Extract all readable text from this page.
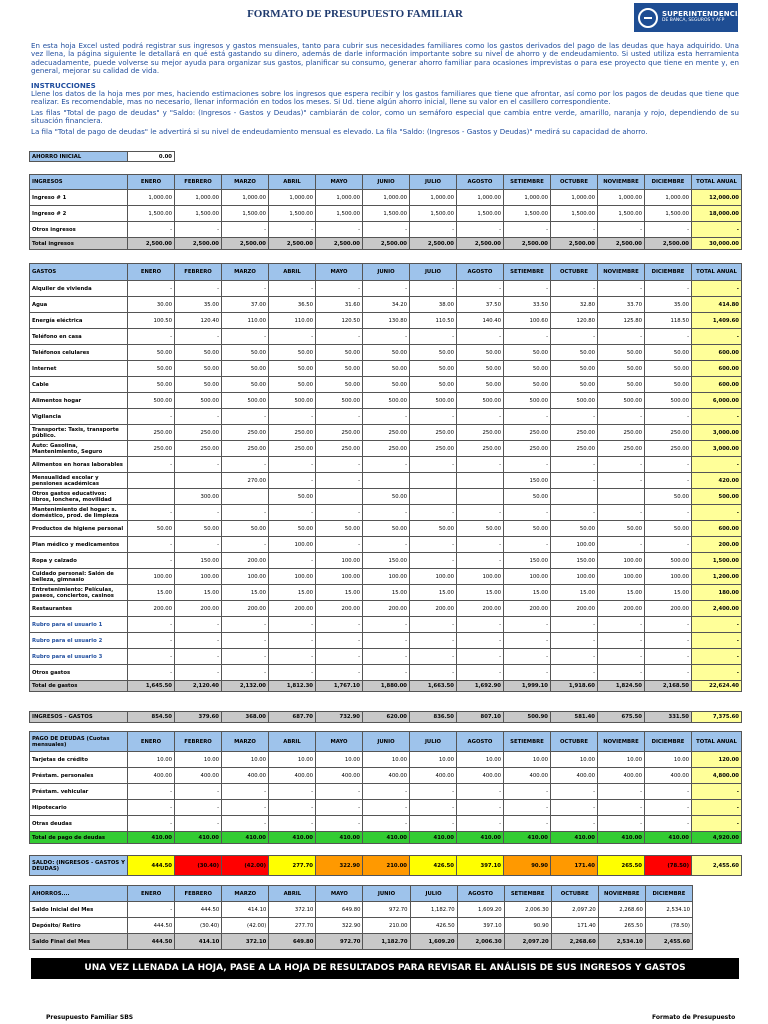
FORMATO DE PRESUPUESTO FAMILIAR	SUPERINTENDENCIA
DE BANCA, SEGUROS Y AFP

En esta hoja Excel usted podrá registrar sus ingresos y gastos mensuales, tanto para cubrir sus necesidades familiares como los gastos derivados del pago de las deudas que haya adquirido. Una vez llena, la página siguiente le detallará en qué está gastando su dinero, además de darle información importante sobre su nivel de ahorro y de endeudamiento. Si usted utiliza esta herramienta adecuadamente, puede volverse su mejor ayuda para organizar sus gastos, planificar su consumo, generar ahorro familiar para ocasiones imprevistas o para ese proyecto que tiene en mente y, en general, mejorar su calidad de vida.

INSTRUCCIONES

Llene los datos de la hoja mes por mes, haciendo estimaciones sobre los ingresos que espera recibir y los gastos familiares que tiene que afrontar, así como por los pagos de deudas que tiene que realizar. Es recomendable, mas no necesario, llenar información en todos los meses. Si Ud. tiene algún ahorro inicial, llene su valor en el casillero correspondiente.

Las filas "Total de pago de deudas" y "Saldo: (Ingresos - Gastos y Deudas)" cambiarán de color, como un semáforo especial que cambia entre verde, amarillo, naranja y rojo, dependiendo de su situación financiera.

La fila "Total de pago de deudas" le advertirá si su nivel de endeudamiento mensual es elevado. La fila "Saldo: (Ingresos - Gastos y Deudas)" medirá su capacidad de ahorro.

AHORRO INICIAL	0.00
INGRESOS	ENERO	FEBRERO	MARZO	ABRIL	MAYO	JUNIO	JULIO	AGOSTO	SETIEMBRE	OCTUBRE	NOVIEMBRE	DICIEMBRE	TOTAL ANUAL
Ingreso # 1	1,000.00	1,000.00	1,000.00	1,000.00	1,000.00	1,000.00	1,000.00	1,000.00	1,000.00	1,000.00	1,000.00	1,000.00	12,000.00
Ingreso # 2	1,500.00	1,500.00	1,500.00	1,500.00	1,500.00	1,500.00	1,500.00	1,500.00	1,500.00	1,500.00	1,500.00	1,500.00	18,000.00
Otros ingresos	-	-	-	-	-	-	-	-	-	-	-	-	-
Total ingresos	2,500.00	2,500.00	2,500.00	2,500.00	2,500.00	2,500.00	2,500.00	2,500.00	2,500.00	2,500.00	2,500.00	2,500.00	30,000.00
GASTOS	ENERO	FEBRERO	MARZO	ABRIL	MAYO	JUNIO	JULIO	AGOSTO	SETIEMBRE	OCTUBRE	NOVIEMBRE	DICIEMBRE	TOTAL ANUAL
Alquiler de vivienda	-	-	-	-	-	-	-	-	-	-	-	-	-
Agua	30.00	35.00	37.00	36.50	31.60	34.20	38.00	37.50	33.50	32.80	33.70	35.00	414.80
Energía eléctrica	100.50	120.40	110.00	110.00	120.50	130.80	110.50	140.40	100.60	120.80	125.80	118.50	1,409.60
Teléfono en casa	-	-	-	-	-	-	-	-	-	-	-	-	-
Teléfonos celulares	50.00	50.00	50.00	50.00	50.00	50.00	50.00	50.00	50.00	50.00	50.00	50.00	600.00
Internet	50.00	50.00	50.00	50.00	50.00	50.00	50.00	50.00	50.00	50.00	50.00	50.00	600.00
Cable	50.00	50.00	50.00	50.00	50.00	50.00	50.00	50.00	50.00	50.00	50.00	50.00	600.00
Alimentos hogar	500.00	500.00	500.00	500.00	500.00	500.00	500.00	500.00	500.00	500.00	500.00	500.00	6,000.00
Vigilancia	-	-	-	-	-	-	-	-	-	-	-	-	-
Transporte: Taxis, transporte público.	250.00	250.00	250.00	250.00	250.00	250.00	250.00	250.00	250.00	250.00	250.00	250.00	3,000.00
Auto: Gasolina, Mantenimiento, Seguro	250.00	250.00	250.00	250.00	250.00	250.00	250.00	250.00	250.00	250.00	250.00	250.00	3,000.00
Alimentos en horas laborables	-	-	-	-	-	-	-	-	-	-	-	-	-
Mensualidad escolar y pensiones académicas			270.00	-	-				150.00	-	-	-	420.00
Otros gastos educativos: libros, lonchera, movilidad		300.00		50.00		50.00			50.00			50.00	500.00
Mantenimiento del hogar: s. doméstico, prod. de limpieza	-	-	-	-	-	-	-	-	-	-	-	-	-
Productos de higiene personal	50.00	50.00	50.00	50.00	50.00	50.00	50.00	50.00	50.00	50.00	50.00	50.00	600.00
Plan médico y medicamentos	-	-	-	100.00	-	-	-	-	-	100.00	-	-	200.00
Ropa y calzado	-	150.00	200.00	-	100.00	150.00	-	-	150.00	150.00	100.00	500.00	1,500.00
Cuidado personal: Salón de belleza, gimnasio	100.00	100.00	100.00	100.00	100.00	100.00	100.00	100.00	100.00	100.00	100.00	100.00	1,200.00
Entretenimiento: Películas, paseos, conciertos, casinos	15.00	15.00	15.00	15.00	15.00	15.00	15.00	15.00	15.00	15.00	15.00	15.00	180.00
Restaurantes	200.00	200.00	200.00	200.00	200.00	200.00	200.00	200.00	200.00	200.00	200.00	200.00	2,400.00
Rubro para el usuario 1	-	-	-	-	-	-	-	-	-	-	-	-	-
Rubro para el usuario 2	-	-	-	-	-	-	-	-	-	-	-	-	-
Rubro para el usuario 3	-	-	-	-	-	-	-	-	-	-	-	-	-
Otros gastos	-	-	-	-	-	-	-	-	-	-	-	-	-
Total de gastos	1,645.50	2,120.40	2,132.00	1,812.30	1,767.10	1,880.00	1,663.50	1,692.90	1,999.10	1,918.60	1,824.50	2,168.50	22,624.40
INGRESOS - GASTOS	854.50	379.60	368.00	687.70	732.90	620.00	836.50	807.10	500.90	581.40	675.50	331.50	7,375.60
PAGO DE DEUDAS (Cuotas mensuales)	ENERO	FEBRERO	MARZO	ABRIL	MAYO	JUNIO	JULIO	AGOSTO	SETIEMBRE	OCTUBRE	NOVIEMBRE	DICIEMBRE	TOTAL ANUAL
Tarjetas de crédito	10.00	10.00	10.00	10.00	10.00	10.00	10.00	10.00	10.00	10.00	10.00	10.00	120.00
Préstam. personales	400.00	400.00	400.00	400.00	400.00	400.00	400.00	400.00	400.00	400.00	400.00	400.00	4,800.00
Préstam. vehicular	-	-	-	-	-	-	-	-	-	-	-	-	-
Hipotecario	-	-	-	-	-	-	-	-	-	-	-	-	-
Otras deudas	-	-	-	-	-	-	-	-	-	-	-	-	-
Total de pago de deudas	410.00	410.00	410.00	410.00	410.00	410.00	410.00	410.00	410.00	410.00	410.00	410.00	4,920.00
SALDO: (INGRESOS - GASTOS Y DEUDAS)	444.50	(30.40)	(42.00)	277.70	322.90	210.00	426.50	397.10	90.90	171.40	265.50	(78.50)	2,455.60
AHORROS....	ENERO	FEBRERO	MARZO	ABRIL	MAYO	JUNIO	JULIO	AGOSTO	SETIEMBRE	OCTUBRE	NOVIEMBRE	DICIEMBRE
Saldo Inicial del Mes	-	444.50	414.10	372.10	649.80	972.70	1,182.70	1,609.20	2,006.30	2,097.20	2,268.60	2,534.10
Depósito/ Retiro	444.50	(30.40)	(42.00)	277.70	322.90	210.00	426.50	397.10	90.90	171.40	265.50	(78.50)
Saldo Final del Mes	444.50	414.10	372.10	649.80	972.70	1,182.70	1,609.20	2,006.30	2,097.20	2,268.60	2,534.10	2,455.60
UNA VEZ LLENADA LA HOJA, PASE A LA HOJA DE RESULTADOS PARA REVISAR EL ANÁLISIS DE SUS INGRESOS Y GASTOS
Presupuesto Familiar SBS	Formato de Presupuesto
